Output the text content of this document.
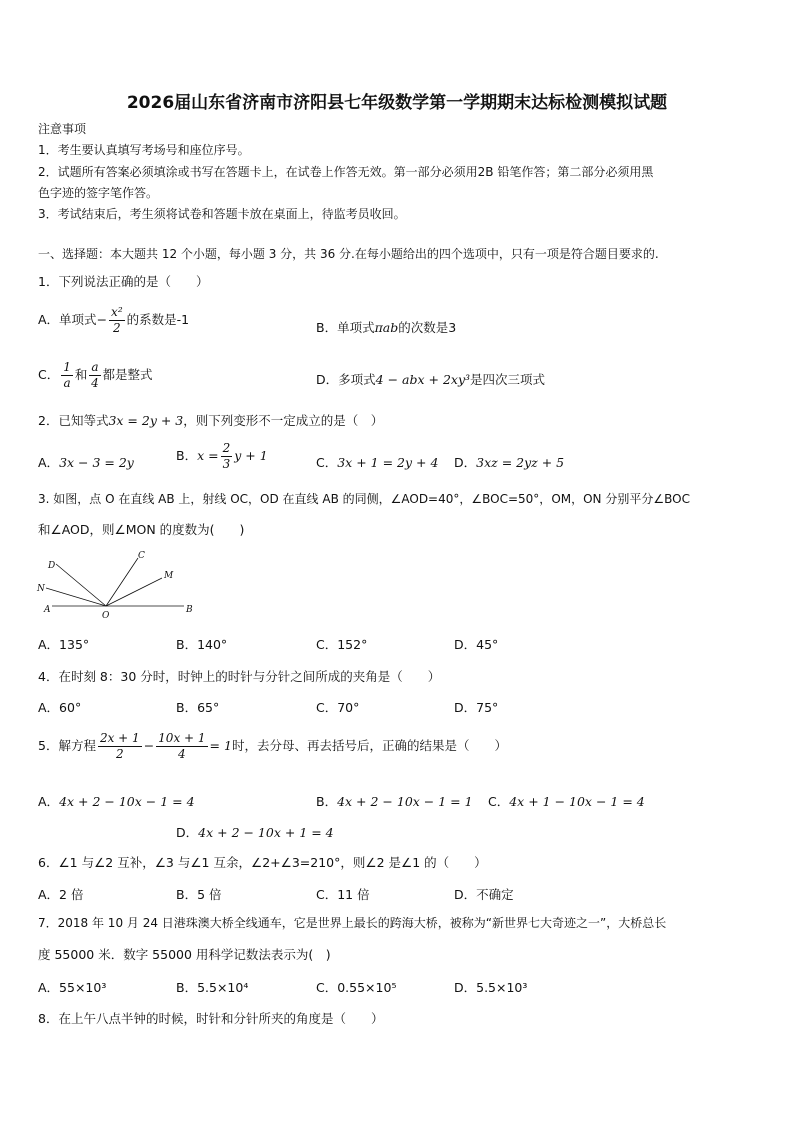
2026届山东省济南市济阳县七年级数学第一学期期末达标检测模拟试题
注意事项
1．考生要认真填写考场号和座位序号。
2．试题所有答案必须填涂或书写在答题卡上，在试卷上作答无效。第一部分必须用2B 铅笔作答；第二部分必须用黑
色字迹的签字笔作答。
3．考试结束后，考生须将试卷和答题卡放在桌面上，待监考员收回。
一、选择题：本大题共 12 个小题，每小题 3 分，共 36 分.在每小题给出的四个选项中，只有一项是符合题目要求的.
1．下列说法正确的是（　　）
A．单项式− $\frac{\text{x²}}{2}$ 的系数是-1
B．单项式πab的次数是3
C． $\frac{1}{a}$ 和 $\frac{a}{4}$ 都是整式	D．多项式4 − abx + 2xy³是四次三项式
2．已知等式3x = 2y + 3，则下列变形不一定成立的是（　）
A．3x − 3 = 2y	B．$x = \frac{2}{3}$ y + 1	C．3x + 1 = 2y + 4 D．3xz = 2yz + 5
3. 如图，点 O 在直线 AB 上，射线 OC，OD 在直线 AB 的同侧，∠AOD=40°，∠BOC=50°，OM，ON 分别平分∠BOC
和∠AOD，则∠MON 的度数为(　　)
D
N
A
O
C
M
B
A．135°	B．140°	C．152°	D．45°
4．在时刻 8：30 分时，时钟上的时针与分针之间所成的夹角是（　　）
A．60°	B．65°	C．70°	D．75°
5．解方程 $\frac{2x + 1}{2} - \frac{10x + 1}{4} = 1$时，去分母、再去括号后，正确的结果是（　　）
A．4x + 2 − 10x − 1 = 4	B．4x + 2 − 10x − 1 = 1 C．4x + 1 − 10x − 1 = 4
D．4x + 2 − 10x + 1 = 4
6．∠1 与∠2 互补，∠3 与∠1 互余，∠2+∠3=210°，则∠2 是∠1 的（　　）
A．2 倍	B．5 倍	C．11 倍	D．不确定
7．2018 年 10 月 24 日港珠澳大桥全线通车，它是世界上最长的跨海大桥，被称为“新世界七大奇迹之一”，大桥总长
度 55000 米．数字 55000 用科学记数法表示为(　)
A．55×10³	B．5.5×10⁴	C．0.55×10⁵	D．5.5×10³
8．在上午八点半钟的时候，时针和分针所夹的角度是（　　）
